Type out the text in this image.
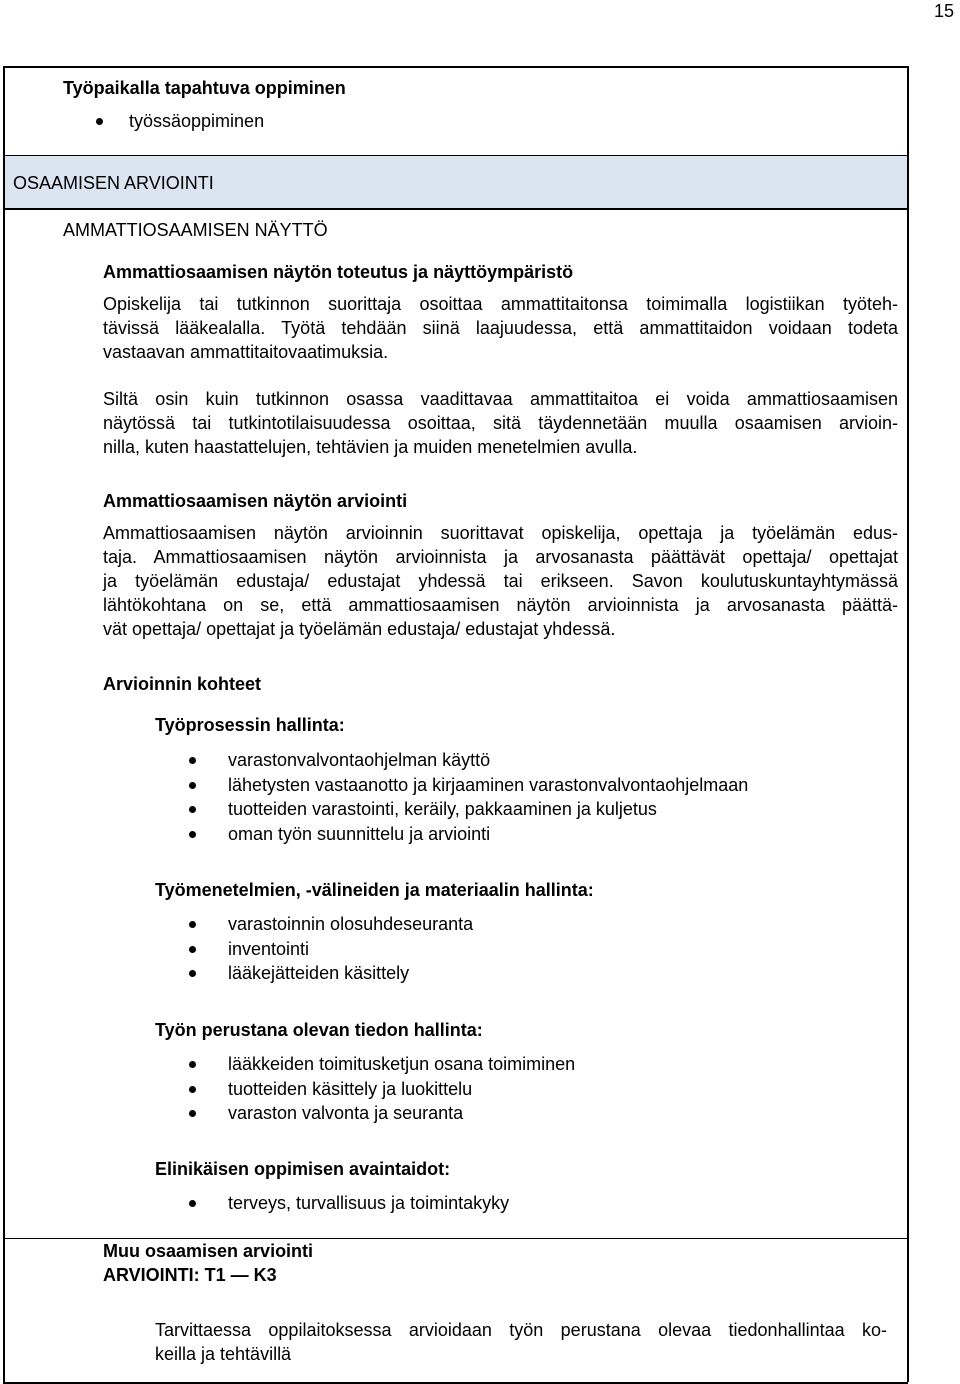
15
Työpaikalla tapahtuva oppiminen
työssäoppiminen
OSAAMISEN ARVIOINTI
AMMATTIOSAAMISEN NÄYTTÖ
Ammattiosaamisen näytön toteutus ja näyttöympäristö
Opiskelija tai tutkinnon suorittaja osoittaa ammattitaitonsa toimimalla logistiikan työteh-
tävissä lääkealalla. Työtä tehdään siinä laajuudessa, että ammattitaidon voidaan todeta
vastaavan ammattitaitovaatimuksia.
Siltä osin kuin tutkinnon osassa vaadittavaa ammattitaitoa ei voida ammattiosaamisen
näytössä tai tutkintotilaisuudessa osoittaa, sitä täydennetään muulla osaamisen arvioin-
nilla, kuten haastattelujen, tehtävien ja muiden menetelmien avulla.
Ammattiosaamisen näytön arviointi
Ammattiosaamisen näytön arvioinnin suorittavat opiskelija, opettaja ja työelämän edus-
taja. Ammattiosaamisen näytön arvioinnista ja arvosanasta päättävät opettaja/ opettajat
ja työelämän edustaja/ edustajat yhdessä tai erikseen. Savon koulutuskuntayhtymässä
lähtökohtana on se, että ammattiosaamisen näytön arvioinnista ja arvosanasta päättä-
vät opettaja/ opettajat ja työelämän edustaja/ edustajat yhdessä.
Arvioinnin kohteet
Työprosessin hallinta:
varastonvalvontaohjelman käyttö
lähetysten vastaanotto ja kirjaaminen varastonvalvontaohjelmaan
tuotteiden varastointi, keräily, pakkaaminen ja kuljetus
oman työn suunnittelu ja arviointi
Työmenetelmien, -välineiden ja materiaalin hallinta:
varastoinnin olosuhdeseuranta
inventointi
lääkejätteiden käsittely
Työn perustana olevan tiedon hallinta:
lääkkeiden toimitusketjun osana toimiminen
tuotteiden käsittely ja luokittelu
varaston valvonta ja seuranta
Elinikäisen oppimisen avaintaidot:
terveys, turvallisuus ja toimintakyky
Muu osaamisen arviointi
ARVIOINTI: T1 — K3
Tarvittaessa oppilaitoksessa arvioidaan työn perustana olevaa tiedonhallintaa ko-
keilla ja tehtävillä
